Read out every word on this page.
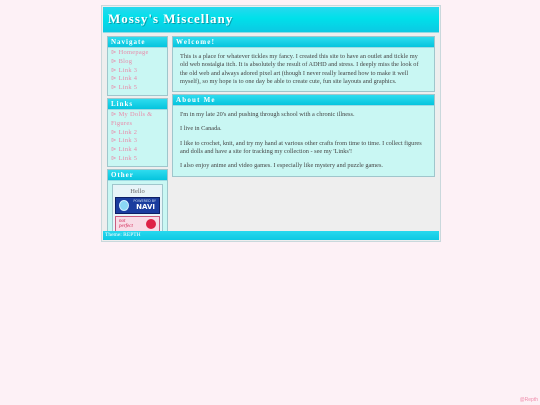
Mossy's Miscellany
Navigate
⊳ Homepage
⊳ Blog
⊳ Link 3
⊳ Link 4
⊳ Link 5
Links
⊳ My Dolls & Figures
⊳ Link 2
⊳ Link 3
⊳ Link 4
⊳ Link 5
Other
Hello
POWERED BY
NAVI
not
perfect
Welcome!

This is a place for whatever tickles my fancy. I created this site to have an outlet and tickle my old web nostalgia itch. It is absolutely the result of ADHD and stress. I deeply miss the look of the old web and always adored pixel art (though I never really learned how to make it well myself), so my hope is to one day be able to create cute, fun site layouts and graphics.

About Me

I'm in my late 20's and pushing through school with a chronic illness.

I live in Canada.

I like to crochet, knit, and try my hand at various other crafts from time to time. I collect figures and dolls and have a site for tracking my collection - see my 'Links'!

I also enjoy anime and video games. I especially like mystery and puzzle games.

Theme: REPTH
@Repth
